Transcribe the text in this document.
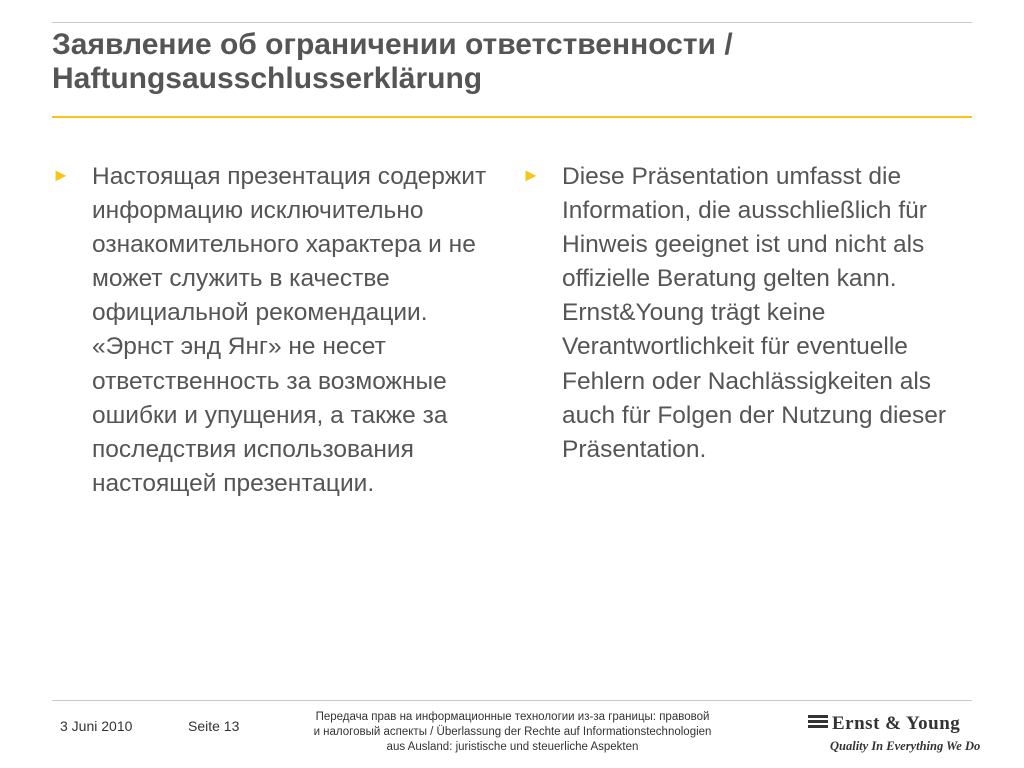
Заявление об ограничении ответственности /
Haftungsausschlusserklärung
► Настоящая презентация содержит информацию исключительно ознакомительного характера и не может служить в качестве официальной рекомендации. «Эрнст энд Янг» не несет ответственность за возможные ошибки и упущения, а также за последствия использования настоящей презентации.
► Diese Präsentation umfasst die Information, die ausschließlich für Hinweis geeignet ist und nicht als offizielle Beratung gelten kann. Ernst&Young trägt keine Verantwortlichkeit für eventuelle Fehlern oder Nachlässigkeiten als auch für Folgen der Nutzung dieser Präsentation.
3 Juni 2010	Seite 13
Передача прав на информационные технологии из-за границы: правовой
и налоговый аспекты / Überlassung der Rechte auf Informationstechnologien
aus Ausland: juristische und steuerliche Aspekten
Ernst & Young
Quality In Everything We Do
